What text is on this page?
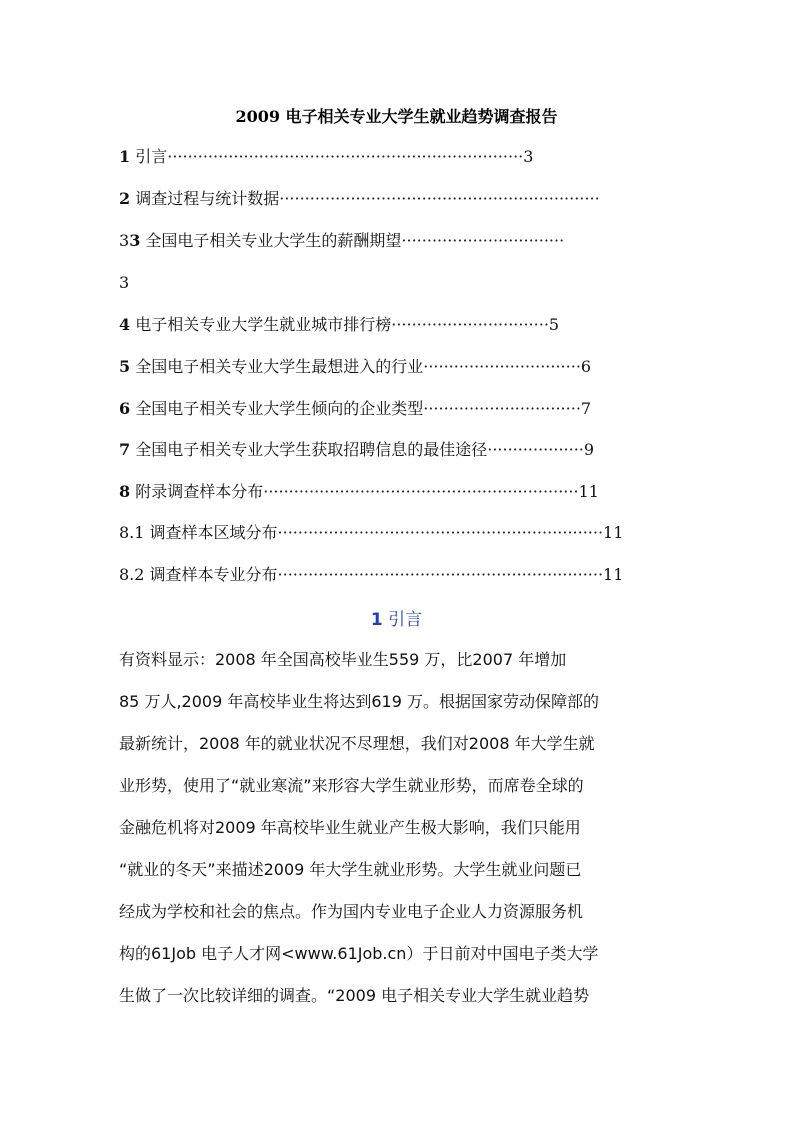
2009 电子相关专业大学生就业趋势调查报告
1 引言······································································3
2 调查过程与统计数据·······························································
33 全国电子相关专业大学生的薪酬期望································
3
4 电子相关专业大学生就业城市排行榜·······························5
5 全国电子相关专业大学生最想进入的行业·······························6
6 全国电子相关专业大学生倾向的企业类型·······························7
7 全国电子相关专业大学生获取招聘信息的最佳途径···················9
8 附录调查样本分布······························································11
8.1 调查样本区域分布································································11
8.2 调查样本专业分布································································11
1 引言
有资料显示：2008 年全国高校毕业生559 万，比2007 年增加
85 万人,2009 年高校毕业生将达到619 万。根据国家劳动保障部的
最新统计，2008 年的就业状况不尽理想，我们对2008 年大学生就
业形势，使用了“就业寒流”来形容大学生就业形势，而席卷全球的
金融危机将对2009 年高校毕业生就业产生极大影响，我们只能用
“就业的冬天”来描述2009 年大学生就业形势。大学生就业问题已
经成为学校和社会的焦点。作为国内专业电子企业人力资源服务机
构的61Job 电子人才网<www.61Job.cn）于日前对中国电子类大学
生做了一次比较详细的调查。“2009 电子相关专业大学生就业趋势
